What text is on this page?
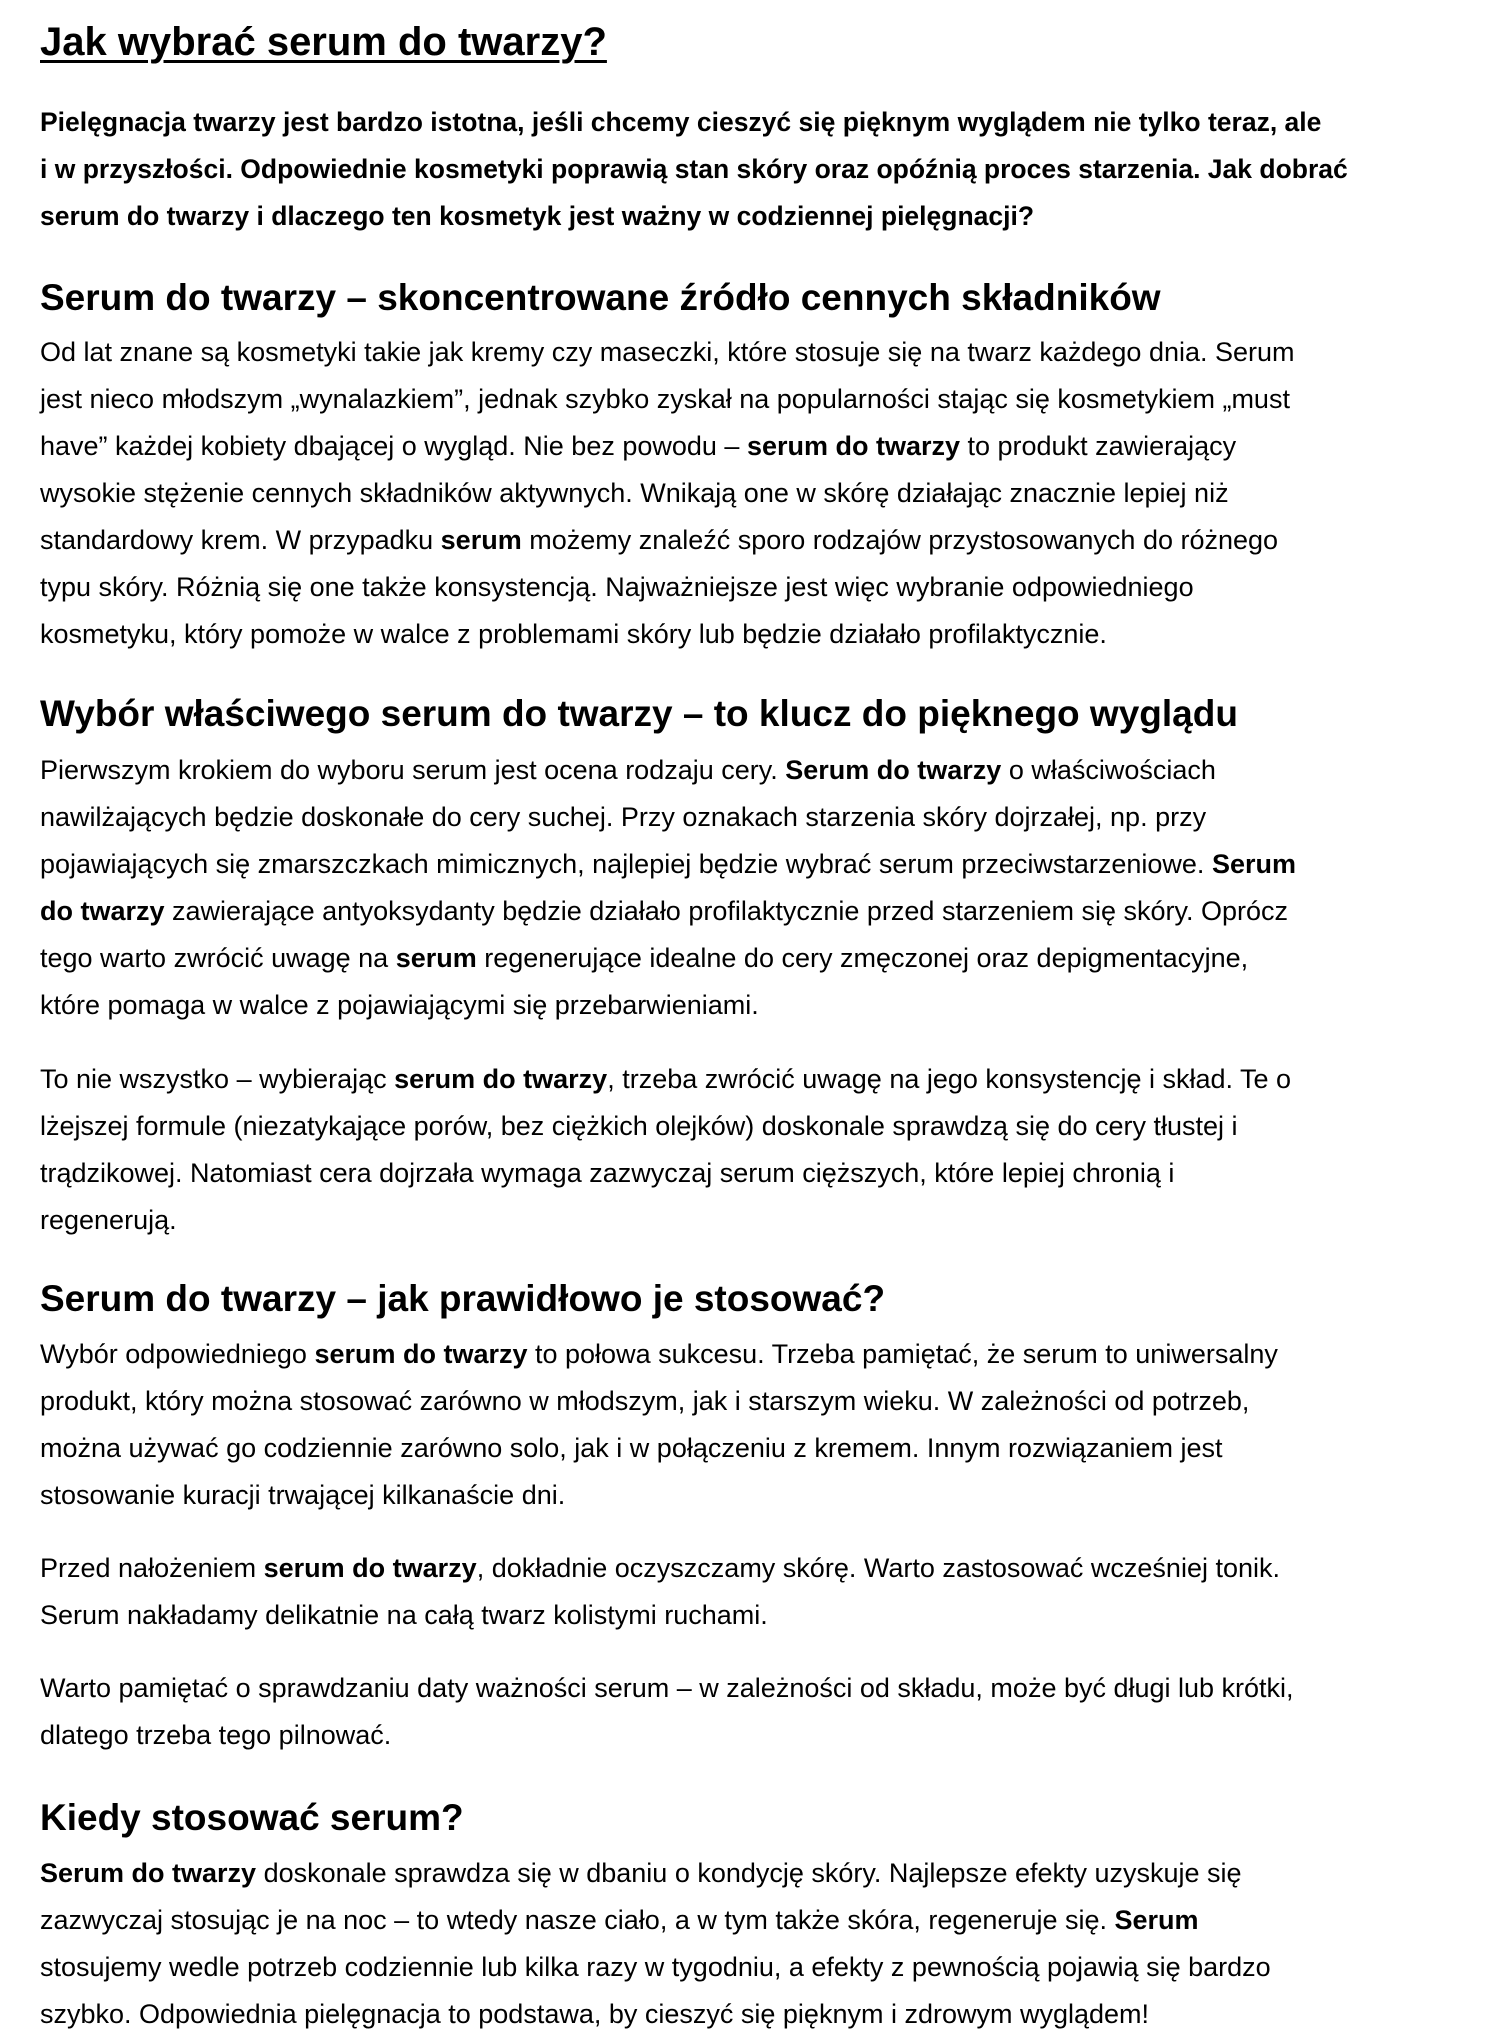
Jak wybrać serum do twarzy?
Pielęgnacja twarzy jest bardzo istotna, jeśli chcemy cieszyć się pięknym wyglądem nie tylko teraz, ale
i w przyszłości. Odpowiednie kosmetyki poprawią stan skóry oraz opóźnią proces starzenia. Jak dobrać
serum do twarzy i dlaczego ten kosmetyk jest ważny w codziennej pielęgnacji?
Serum do twarzy – skoncentrowane źródło cennych składników
Od lat znane są kosmetyki takie jak kremy czy maseczki, które stosuje się na twarz każdego dnia. Serum
jest nieco młodszym „wynalazkiem”, jednak szybko zyskał na popularności stając się kosmetykiem „must
have” każdej kobiety dbającej o wygląd. Nie bez powodu – serum do twarzy to produkt zawierający
wysokie stężenie cennych składników aktywnych. Wnikają one w skórę działając znacznie lepiej niż
standardowy krem. W przypadku serum możemy znaleźć sporo rodzajów przystosowanych do różnego
typu skóry. Różnią się one także konsystencją. Najważniejsze jest więc wybranie odpowiedniego
kosmetyku, który pomoże w walce z problemami skóry lub będzie działało profilaktycznie.
Wybór właściwego serum do twarzy – to klucz do pięknego wyglądu
Pierwszym krokiem do wyboru serum jest ocena rodzaju cery. Serum do twarzy o właściwościach
nawilżających będzie doskonałe do cery suchej. Przy oznakach starzenia skóry dojrzałej, np. przy
pojawiających się zmarszczkach mimicznych, najlepiej będzie wybrać serum przeciwstarzeniowe. Serum
do twarzy zawierające antyoksydanty będzie działało profilaktycznie przed starzeniem się skóry. Oprócz
tego warto zwrócić uwagę na serum regenerujące idealne do cery zmęczonej oraz depigmentacyjne,
które pomaga w walce z pojawiającymi się przebarwieniami.
To nie wszystko – wybierając serum do twarzy, trzeba zwrócić uwagę na jego konsystencję i skład. Te o
lżejszej formule (niezatykające porów, bez ciężkich olejków) doskonale sprawdzą się do cery tłustej i
trądzikowej. Natomiast cera dojrzała wymaga zazwyczaj serum cięższych, które lepiej chronią i
regenerują.
Serum do twarzy – jak prawidłowo je stosować?
Wybór odpowiedniego serum do twarzy to połowa sukcesu. Trzeba pamiętać, że serum to uniwersalny
produkt, który można stosować zarówno w młodszym, jak i starszym wieku. W zależności od potrzeb,
można używać go codziennie zarówno solo, jak i w połączeniu z kremem. Innym rozwiązaniem jest
stosowanie kuracji trwającej kilkanaście dni.
Przed nałożeniem serum do twarzy, dokładnie oczyszczamy skórę. Warto zastosować wcześniej tonik.
Serum nakładamy delikatnie na całą twarz kolistymi ruchami.
Warto pamiętać o sprawdzaniu daty ważności serum – w zależności od składu, może być długi lub krótki,
dlatego trzeba tego pilnować.
Kiedy stosować serum?
Serum do twarzy doskonale sprawdza się w dbaniu o kondycję skóry. Najlepsze efekty uzyskuje się
zazwyczaj stosując je na noc – to wtedy nasze ciało, a w tym także skóra, regeneruje się. Serum
stosujemy wedle potrzeb codziennie lub kilka razy w tygodniu, a efekty z pewnością pojawią się bardzo
szybko. Odpowiednia pielęgnacja to podstawa, by cieszyć się pięknym i zdrowym wyglądem!
